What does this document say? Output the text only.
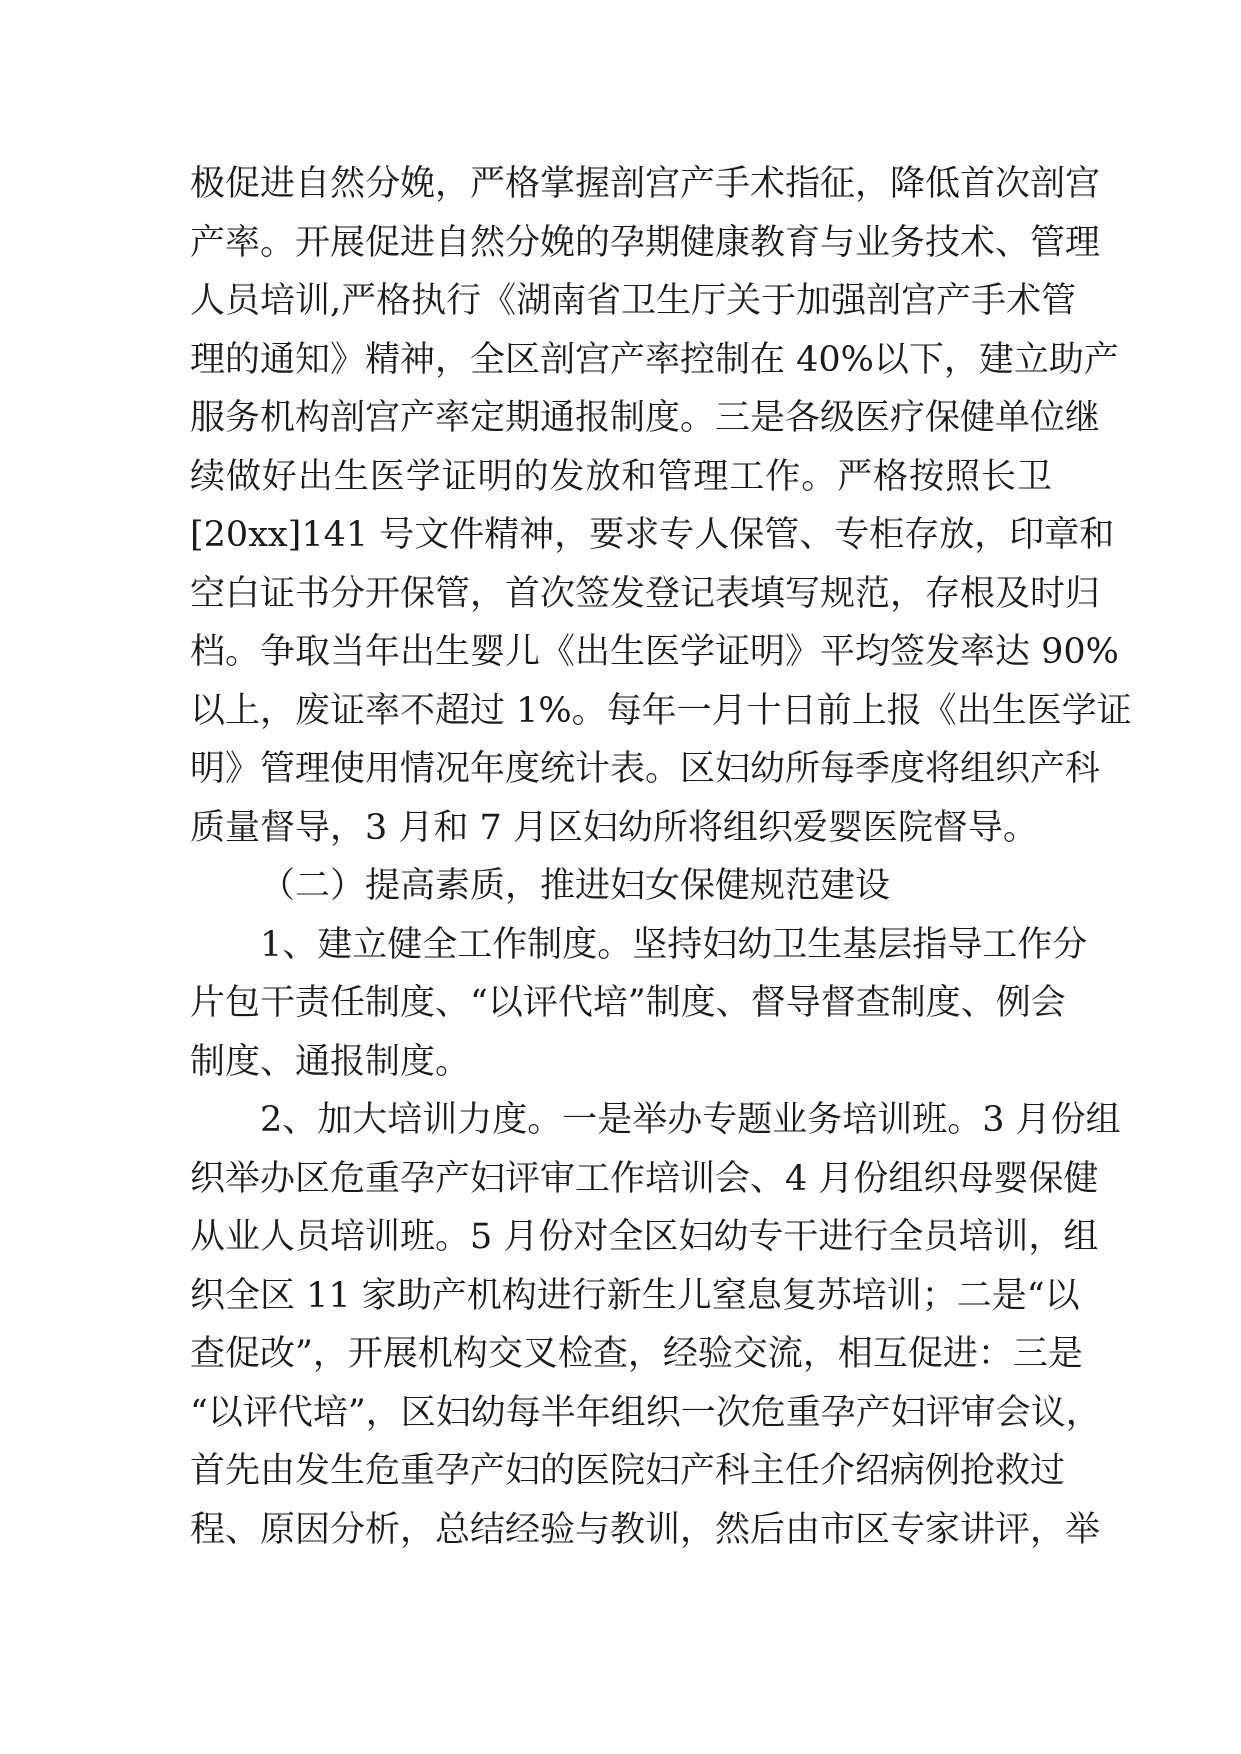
极促进自然分娩，严格掌握剖宫产手术指征，降低首次剖宫
产率。开展促进自然分娩的孕期健康教育与业务技术、管理
人员培训,严格执行《湖南省卫生厅关于加强剖宫产手术管
理的通知》精神，全区剖宫产率控制在 40%以下，建立助产
服务机构剖宫产率定期通报制度。三是各级医疗保健单位继
续做好出生医学证明的发放和管理工作。严格按照长卫
[20xx]141 号文件精神，要求专人保管、专柜存放，印章和
空白证书分开保管，首次签发登记表填写规范，存根及时归
档。争取当年出生婴儿《出生医学证明》平均签发率达 90%
以上，废证率不超过 1%。每年一月十日前上报《出生医学证
明》管理使用情况年度统计表。区妇幼所每季度将组织产科
质量督导，3 月和 7 月区妇幼所将组织爱婴医院督导。
（二）提高素质，推进妇女保健规范建设
1、建立健全工作制度。坚持妇幼卫生基层指导工作分
片包干责任制度、“以评代培”制度、督导督查制度、例会
制度、通报制度。
2、加大培训力度。一是举办专题业务培训班。3 月份组
织举办区危重孕产妇评审工作培训会、4 月份组织母婴保健
从业人员培训班。5 月份对全区妇幼专干进行全员培训，组
织全区 11 家助产机构进行新生儿窒息复苏培训；二是“以
查促改”，开展机构交叉检查，经验交流，相互促进：三是
“以评代培”，区妇幼每半年组织一次危重孕产妇评审会议，
首先由发生危重孕产妇的医院妇产科主任介绍病例抢救过
程、原因分析，总结经验与教训，然后由市区专家讲评，举
